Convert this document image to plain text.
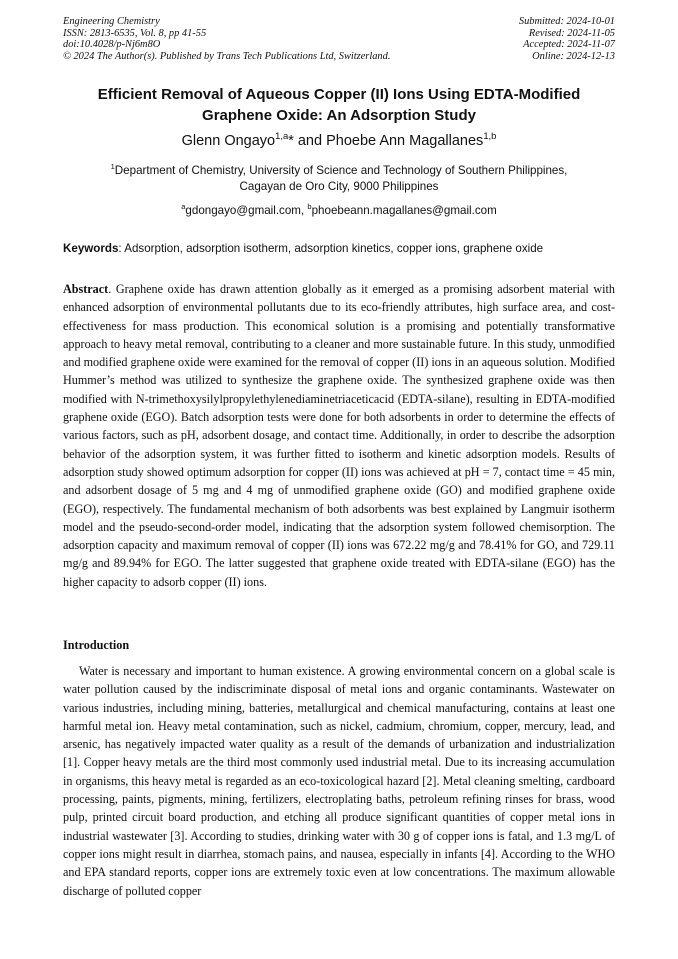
Engineering Chemistry
ISSN: 2813-6535, Vol. 8, pp 41-55
doi:10.4028/p-Nj6m8O
© 2024 The Author(s). Published by Trans Tech Publications Ltd, Switzerland.
Submitted: 2024-10-01
Revised: 2024-11-05
Accepted: 2024-11-07
Online: 2024-12-13
Efficient Removal of Aqueous Copper (II) Ions Using EDTA-Modified
Graphene Oxide: An Adsorption Study
Glenn Ongayo$^{1,a}$* and Phoebe Ann Magallanes$^{1,b}$
$^1$Department of Chemistry, University of Science and Technology of Southern Philippines,
Cagayan de Oro City, 9000 Philippines
$^a$gdongayo@gmail.com, $^b$phoebeann.magallanes@gmail.com
Keywords: Adsorption, adsorption isotherm, adsorption kinetics, copper ions, graphene oxide
Abstract. Graphene oxide has drawn attention globally as it emerged as a promising adsorbent material with enhanced adsorption of environmental pollutants due to its eco-friendly attributes, high surface area, and cost-effectiveness for mass production. This economical solution is a promising and potentially transformative approach to heavy metal removal, contributing to a cleaner and more sustainable future. In this study, unmodified and modified graphene oxide were examined for the removal of copper (II) ions in an aqueous solution. Modified Hummer’s method was utilized to synthesize the graphene oxide. The synthesized graphene oxide was then modified with N-trimethoxysilylpropylethylenediaminetriaceticacid (EDTA-silane), resulting in EDTA-modified graphene oxide (EGO). Batch adsorption tests were done for both adsorbents in order to determine the effects of various factors, such as pH, adsorbent dosage, and contact time. Additionally, in order to describe the adsorption behavior of the adsorption system, it was further fitted to isotherm and kinetic adsorption models. Results of adsorption study showed optimum adsorption for copper (II) ions was achieved at pH = 7, contact time = 45 min, and adsorbent dosage of 5 mg and 4 mg of unmodified graphene oxide (GO) and modified graphene oxide (EGO), respectively. The fundamental mechanism of both adsorbents was best explained by Langmuir isotherm model and the pseudo-second-order model, indicating that the adsorption system followed chemisorption. The adsorption capacity and maximum removal of copper (II) ions was 672.22 mg/g and 78.41% for GO, and 729.11 mg/g and 89.94% for EGO. The latter suggested that graphene oxide treated with EDTA-silane (EGO) has the higher capacity to adsorb copper (II) ions.
Introduction
Water is necessary and important to human existence. A growing environmental concern on a global scale is water pollution caused by the indiscriminate disposal of metal ions and organic contaminants. Wastewater on various industries, including mining, batteries, metallurgical and chemical manufacturing, contains at least one harmful metal ion. Heavy metal contamination, such as nickel, cadmium, chromium, copper, mercury, lead, and arsenic, has negatively impacted water quality as a result of the demands of urbanization and industrialization [1]. Copper heavy metals are the third most commonly used industrial metal. Due to its increasing accumulation in organisms, this heavy metal is regarded as an eco-toxicological hazard [2]. Metal cleaning smelting, cardboard processing, paints, pigments, mining, fertilizers, electroplating baths, petroleum refining rinses for brass, wood pulp, printed circuit board production, and etching all produce significant quantities of copper metal ions in industrial wastewater [3]. According to studies, drinking water with 30 g of copper ions is fatal, and 1.3 mg/L of copper ions might result in diarrhea, stomach pains, and nausea, especially in infants [4]. According to the WHO and EPA standard reports, copper ions are extremely toxic even at low concentrations. The maximum allowable discharge of polluted copper
